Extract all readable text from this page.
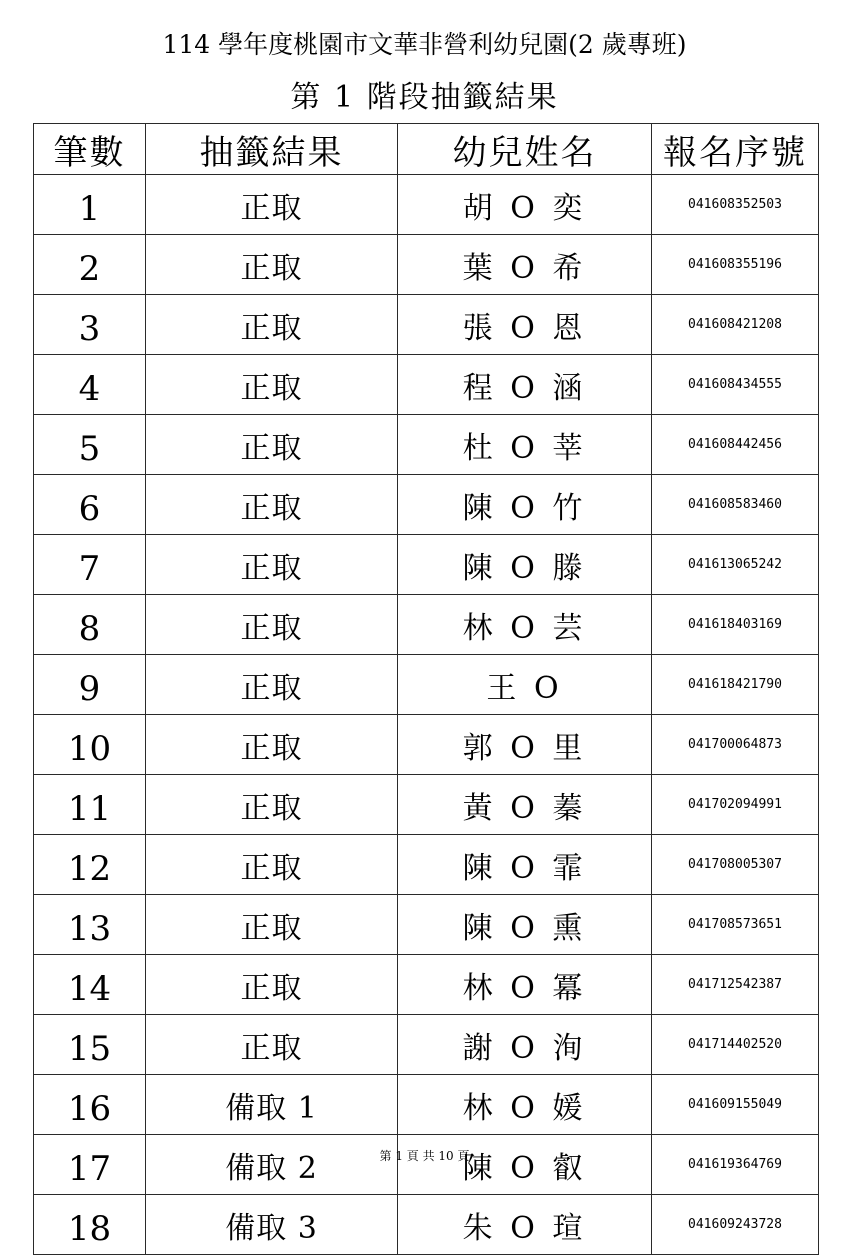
114 學年度桃園市文華非營利幼兒園(2 歲專班)
第 1 階段抽籤結果
筆數	抽籤結果	幼兒姓名	報名序號
1	正取	胡 O 奕	041608352503
2	正取	葉 O 希	041608355196
3	正取	張 O 恩	041608421208
4	正取	程 O 涵	041608434555
5	正取	杜 O 莘	041608442456
6	正取	陳 O 竹	041608583460
7	正取	陳 O 滕	041613065242
8	正取	林 O 芸	041618403169
9	正取	王 O	041618421790
10	正取	郭 O 里	041700064873
11	正取	黃 O 蓁	041702094991
12	正取	陳 O 霏	041708005307
13	正取	陳 O 熏	041708573651
14	正取	林 O 冪	041712542387
15	正取	謝 O 洵	041714402520
16	備取 1	林 O 媛	041609155049
17	備取 2	陳 O 叡	041619364769
18	備取 3	朱 O 瑄	041609243728
第 1 頁 共 10 頁
